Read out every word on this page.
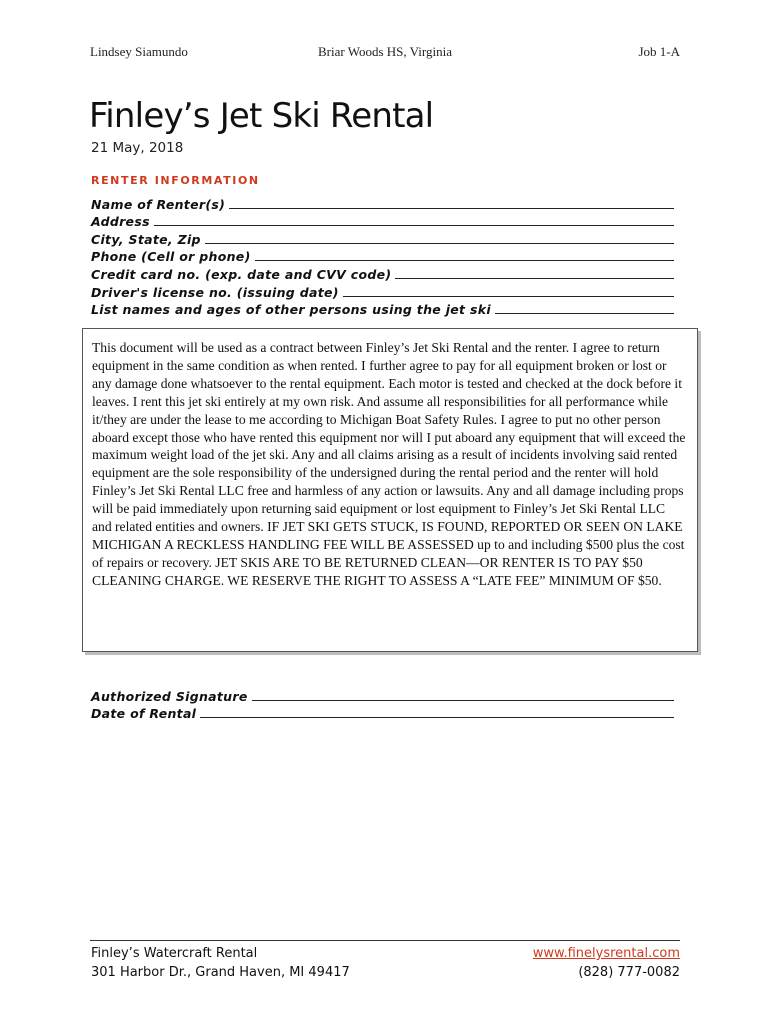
Lindsey Siamundo	Briar Woods HS, Virginia	Job 1-A
Finley’s Jet Ski Rental
21 May, 2018
RENTER INFORMATION
Name of Renter(s)
Address
City, State, Zip
Phone (Cell or phone)
Credit card no. (exp. date and CVV code)
Driver's license no. (issuing date)
List names and ages of other persons using the jet ski

This document will be used as a contract between Finley’s Jet Ski Rental and the renter. I agree to return equipment in the same condition as when rented. I further agree to pay for all equipment broken or lost or any damage done whatsoever to the rental equipment. Each motor is tested and checked at the dock before it leaves. I rent this jet ski entirely at my own risk. And assume all responsibilities for all performance while it/they are under the lease to me according to Michigan Boat Safety Rules. I agree to put no other person aboard except those who have rented this equipment nor will I put aboard any equipment that will exceed the maximum weight load of the jet ski. Any and all claims arising as a result of incidents involving said rented equipment are the sole responsibility of the undersigned during the rental period and the renter will hold Finley’s Jet Ski Rental LLC free and harmless of any action or lawsuits. Any and all damage including props will be paid immediately upon returning said equipment or lost equipment to Finley’s Jet Ski Rental LLC and related entities and owners. IF JET SKI GETS STUCK, IS FOUND, REPORTED OR SEEN ON LAKE MICHIGAN A RECKLESS HANDLING FEE WILL BE ASSESSED up to and including $500 plus the cost of repairs or recovery. JET SKIS ARE TO BE RETURNED CLEAN—OR RENTER IS TO PAY $50 CLEANING CHARGE. WE RESERVE THE RIGHT TO ASSESS A “LATE FEE” MINIMUM OF $50.

Authorized Signature
Date of Rental
Finley’s Watercraft Rental
301 Harbor Dr., Grand Haven, MI 49417
www.finelysrental.com
(828) 777-0082
